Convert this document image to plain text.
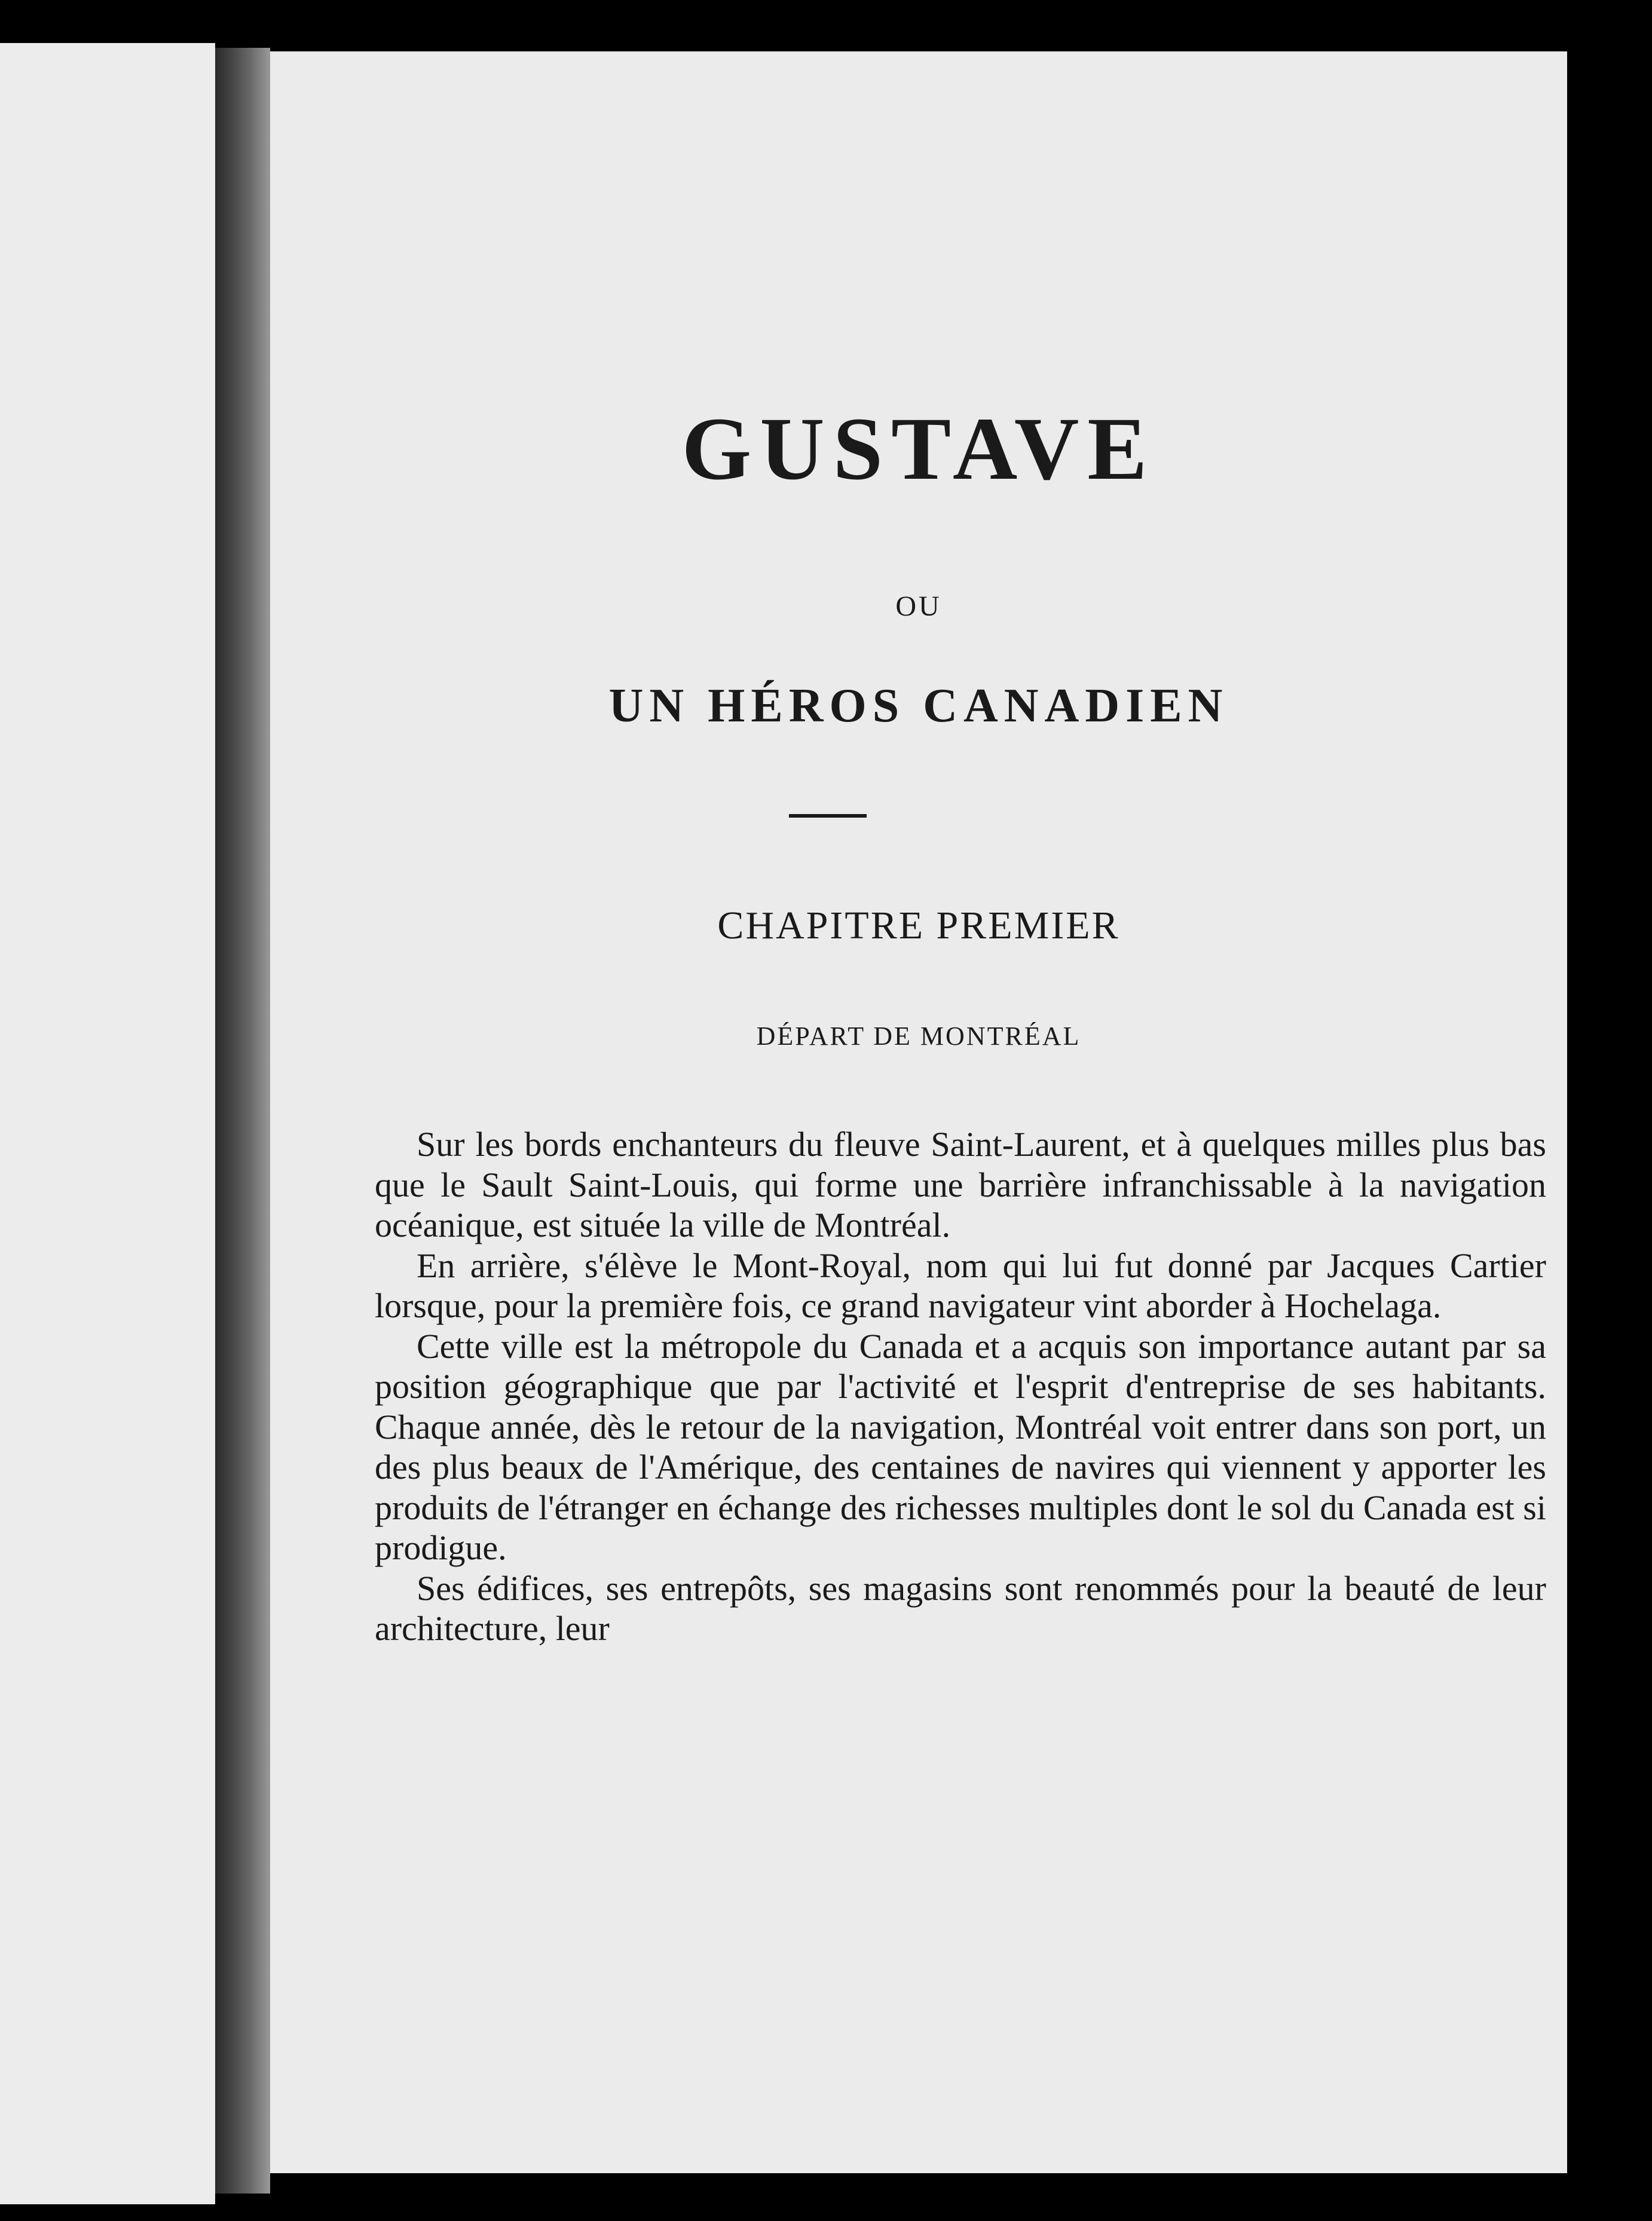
GUSTAVE
OU
UN HÉROS CANADIEN
CHAPITRE PREMIER
DÉPART DE MONTRÉAL

Sur les bords enchanteurs du fleuve Saint-Laurent, et à quelques milles plus bas que le Sault Saint-Louis, qui forme une barrière infranchissable à la navigation océanique, est située la ville de Montréal.

En arrière, s'élève le Mont-Royal, nom qui lui fut donné par Jacques Cartier lorsque, pour la première fois, ce grand navigateur vint aborder à Hochelaga.

Cette ville est la métropole du Canada et a acquis son importance autant par sa position géographique que par l'activité et l'esprit d'entreprise de ses habitants. Chaque année, dès le retour de la navigation, Montréal voit entrer dans son port, un des plus beaux de l'Amérique, des centaines de navires qui viennent y apporter les produits de l'étranger en échange des richesses multiples dont le sol du Canada est si prodigue.

Ses édifices, ses entrepôts, ses magasins sont renommés pour la beauté de leur architecture, leur
